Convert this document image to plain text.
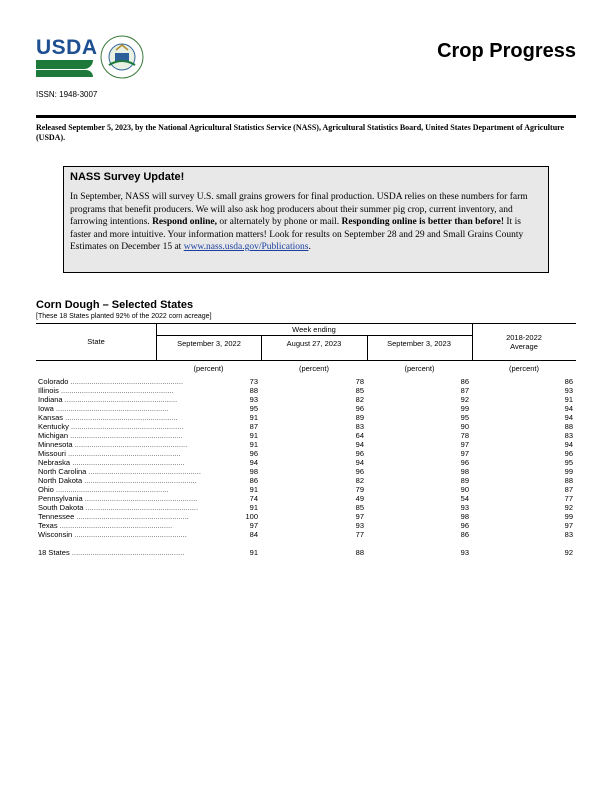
USDA	Crop Progress
ISSN: 1948-3007
Released September 5, 2023, by the National Agricultural Statistics Service (NASS), Agricultural Statistics Board, United States Department of Agriculture (USDA).
NASS Survey Update!
In September, NASS will survey U.S. small grains growers for final production. USDA relies on these numbers for farm programs that benefit producers. We will also ask hog producers about their summer pig crop, current inventory, and farrowing intentions. Respond online, or alternately by phone or mail. Responding online is better than before! It is faster and more intuitive. Your information matters! Look for results on September 28 and 29 and Small Grains County Estimates on December 15 at www.nass.usda.gov/Publications.
Corn Dough – Selected States
[These 18 States planted 92% of the 2022 corn acreage]
State
Week ending
September 3, 2022	August 27, 2023	September 3, 2023
2018-2022 Average
(percent)	(percent)	(percent)	(percent)
Colorado ......................................................	73	78	86	86
Illinois ......................................................	88	85	87	93
Indiana ......................................................	93	82	92	91
Iowa ......................................................	95	96	99	94
Kansas ......................................................	91	89	95	94
Kentucky ......................................................	87	83	90	88
Michigan ......................................................	91	64	78	83
Minnesota ......................................................	91	94	97	94
Missouri ......................................................	96	96	97	96
Nebraska ......................................................	94	94	96	95
North Carolina ......................................................	98	96	98	99
North Dakota ......................................................	86	82	89	88
Ohio ......................................................	91	79	90	87
Pennsylvania ......................................................	74	49	54	77
South Dakota ......................................................	91	85	93	92
Tennessee ......................................................	100	97	98	99
Texas ......................................................	97	93	96	97
Wisconsin ......................................................	84	77	86	83
18 States ......................................................	91	88	93	92
